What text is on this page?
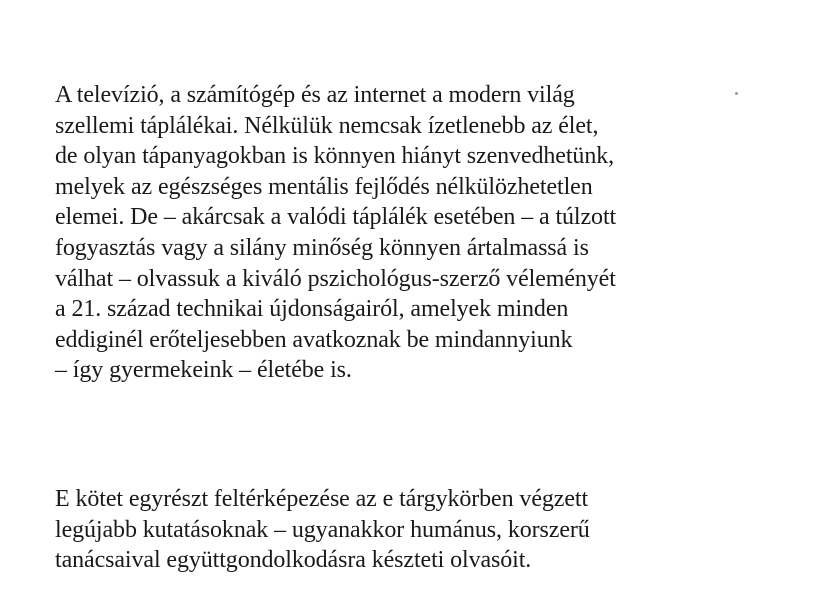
A televízió, a számítógép és az internet a modern világ
szellemi táplálékai. Nélkülük nemcsak ízetlenebb az élet,
de olyan tápanyagokban is könnyen hiányt szenvedhetünk,
melyek az egészséges mentális fejlődés nélkülözhetetlen
elemei. De – akárcsak a valódi táplálék esetében – a túlzott
fogyasztás vagy a silány minőség könnyen ártalmassá is
válhat – olvassuk a kiváló pszichológus-szerző véleményét
a 21. század technikai újdonságairól, amelyek minden
eddiginél erőteljesebben avatkoznak be mindannyiunk
– így gyermekeink – életébe is.
E kötet egyrészt feltérképezése az e tárgykörben végzett
legújabb kutatásoknak – ugyanakkor humánus, korszerű
tanácsaival együttgondolkodásra készteti olvasóit.
